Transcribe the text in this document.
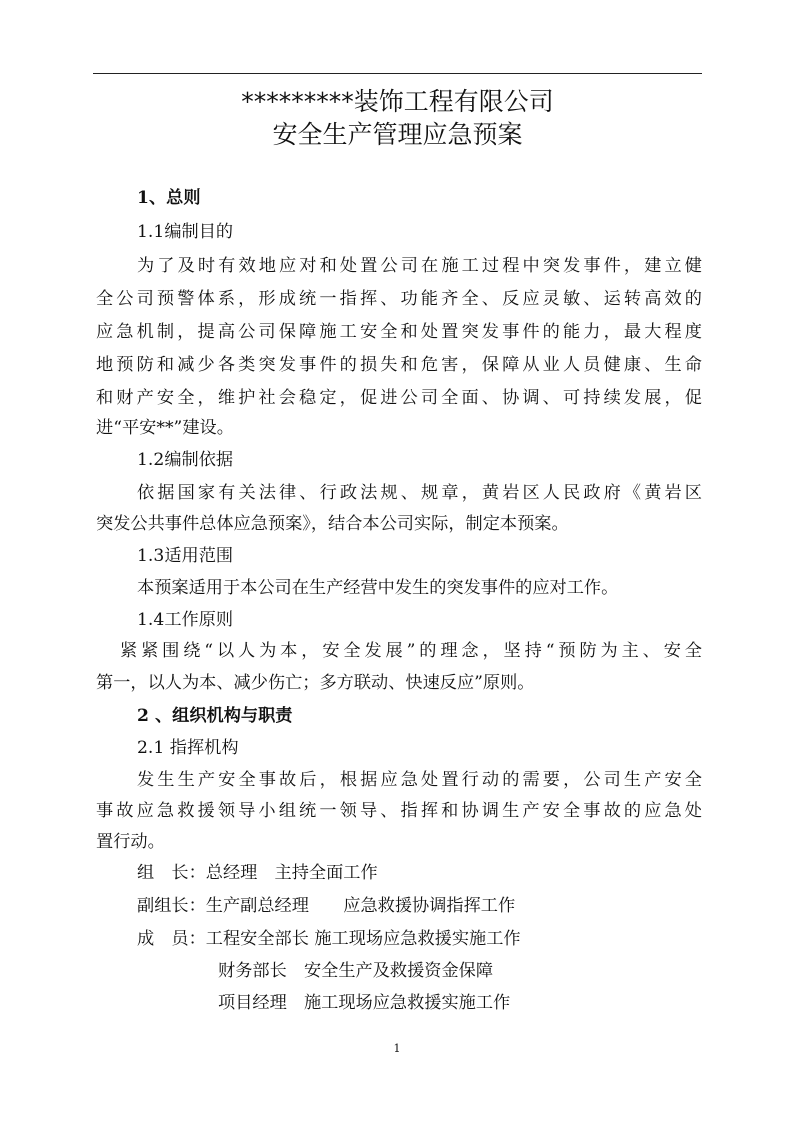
*********装饰工程有限公司
安全生产管理应急预案
1、总则
1.1编制目的
为了及时有效地应对和处置公司在施工过程中突发事件，建立健
全公司预警体系，形成统一指挥、功能齐全、反应灵敏、运转高效的
应急机制，提高公司保障施工安全和处置突发事件的能力，最大程度
地预防和减少各类突发事件的损失和危害，保障从业人员健康、生命
和财产安全，维护社会稳定，促进公司全面、协调、可持续发展，促
进“平安**”建设。
1.2编制依据
依据国家有关法律、行政法规、规章，黄岩区人民政府《黄岩区
突发公共事件总体应急预案》，结合本公司实际，制定本预案。
1.3适用范围
本预案适用于本公司在生产经营中发生的突发事件的应对工作。
1.4工作原则
紧紧围绕“以人为本，安全发展”的理念，坚持“预防为主、安全
第一，以人为本、减少伤亡；多方联动、快速反应”原则。
2 、组织机构与职责
2.1 指挥机构
发生生产安全事故后，根据应急处置行动的需要，公司生产安全
事故应急救援领导小组统一领导、指挥和协调生产安全事故的应急处
置行动。
组　长：总经理　主持全面工作
副组长：生产副总经理　　应急救援协调指挥工作
成　员：工程安全部长 施工现场应急救援实施工作
财务部长　安全生产及救援资金保障
项目经理　施工现场应急救援实施工作
1
